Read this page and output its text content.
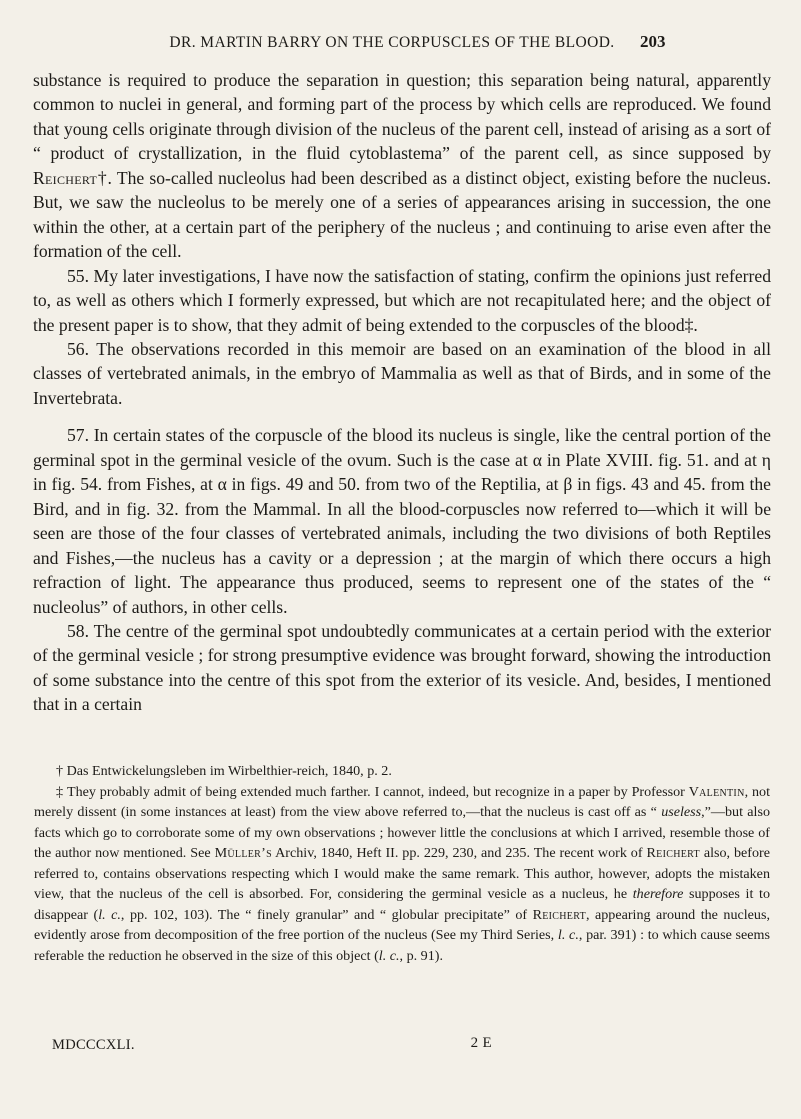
DR. MARTIN BARRY ON THE CORPUSCLES OF THE BLOOD.	203

substance is required to produce the separation in question; this separation being natural, apparently common to nuclei in general, and forming part of the process by which cells are reproduced. We found that young cells originate through division of the nucleus of the parent cell, instead of arising as a sort of “ product of crystallization, in the fluid cytoblastema” of the parent cell, as since supposed by Reichert†. The so-called nucleolus had been described as a distinct object, existing before the nucleus. But, we saw the nucleolus to be merely one of a series of appearances arising in succession, the one within the other, at a certain part of the periphery of the nucleus ; and continuing to arise even after the formation of the cell.

55. My later investigations, I have now the satisfaction of stating, confirm the opinions just referred to, as well as others which I formerly expressed, but which are not recapitulated here; and the object of the present paper is to show, that they admit of being extended to the corpuscles of the blood‡.

56. The observations recorded in this memoir are based on an examination of the blood in all classes of vertebrated animals, in the embryo of Mammalia as well as that of Birds, and in some of the Invertebrata.

57. In certain states of the corpuscle of the blood its nucleus is single, like the central portion of the germinal spot in the germinal vesicle of the ovum. Such is the case at α in Plate XVIII. fig. 51. and at η in fig. 54. from Fishes, at α in figs. 49 and 50. from two of the Reptilia, at β in figs. 43 and 45. from the Bird, and in fig. 32. from the Mammal. In all the blood-corpuscles now referred to—which it will be seen are those of the four classes of vertebrated animals, including the two divisions of both Reptiles and Fishes,—the nucleus has a cavity or a depression ; at the margin of which there occurs a high refraction of light. The appearance thus produced, seems to represent one of the states of the “ nucleolus” of authors, in other cells.

58. The centre of the germinal spot undoubtedly communicates at a certain period with the exterior of the germinal vesicle ; for strong presumptive evidence was brought forward, showing the introduction of some substance into the centre of this spot from the exterior of its vesicle. And, besides, I mentioned that in a certain

† Das Entwickelungsleben im Wirbelthier-reich, 1840, p. 2.

‡ They probably admit of being extended much farther. I cannot, indeed, but recognize in a paper by Professor Valentin, not merely dissent (in some instances at least) from the view above referred to,—that the nucleus is cast off as “ useless,”—but also facts which go to corroborate some of my own observations ; however little the conclusions at which I arrived, resemble those of the author now mentioned. See Müller’s Archiv, 1840, Heft II. pp. 229, 230, and 235. The recent work of Reichert also, before referred to, contains observations respecting which I would make the same remark. This author, however, adopts the mistaken view, that the nucleus of the cell is absorbed. For, considering the germinal vesicle as a nucleus, he therefore supposes it to disappear (l. c., pp. 102, 103). The “ finely granular” and “ globular precipitate” of Reichert, appearing around the nucleus, evidently arose from decomposition of the free portion of the nucleus (See my Third Series, l. c., par. 391) : to which cause seems referable the reduction he observed in the size of this object (l. c., p. 91).

MDCCCXLI.	2 E
